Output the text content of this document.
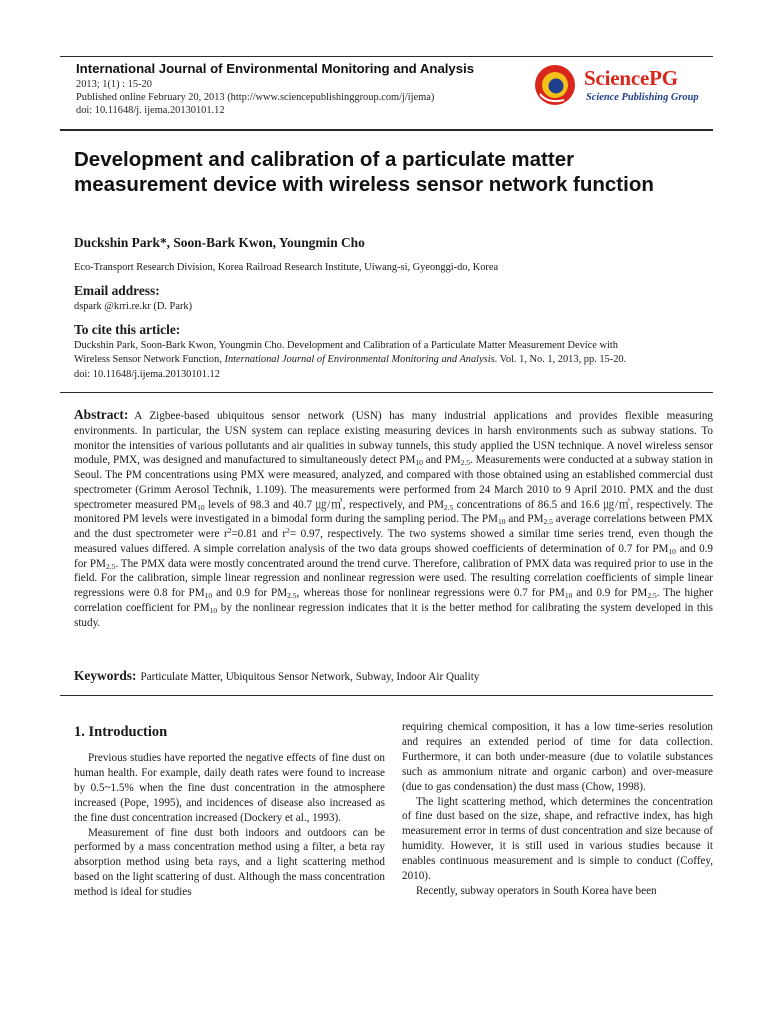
International Journal of Environmental Monitoring and Analysis
2013; 1(1) : 15-20
Published online February 20, 2013 (http://www.sciencepublishinggroup.com/j/ijema)
doi: 10.11648/j. ijema.20130101.12
SciencePG
Science Publishing Group
Development and calibration of a particulate matter measurement device with wireless sensor network function
Duckshin Park*, Soon-Bark Kwon, Youngmin Cho
Eco-Transport Research Division, Korea Railroad Research Institute, Uiwang-si, Gyeonggi-do, Korea
Email address:
dspark @krri.re.kr (D. Park)
To cite this article:
Duckshin Park, Soon-Bark Kwon, Youngmin Cho. Development and Calibration of a Particulate Matter Measurement Device with
Wireless Sensor Network Function, International Journal of Environmental Monitoring and Analysis. Vol. 1, No. 1, 2013, pp. 15-20.
doi: 10.11648/j.ijema.20130101.12
Abstract: A Zigbee-based ubiquitous sensor network (USN) has many industrial applications and provides flexible measuring environments. In particular, the USN system can replace existing measuring devices in harsh environments such as subway stations. To monitor the intensities of various pollutants and air qualities in subway tunnels, this study applied the USN technique. A novel wireless sensor module, PMX, was designed and manufactured to simultaneously detect $PM_{10}$ and $PM_{2.5}$. Measurements were conducted at a subway station in Seoul. The PM concentrations using PMX were measured, analyzed, and compared with those obtained using an established commercial dust spectrometer (Grimm Aerosol Technik, 1.109). The measurements were performed from 24 March 2010 to 9 April 2010. PMX and the dust spectrometer measured $PM_{10}$ levels of 98.3 and 40.7 ㎍/㎥, respectively, and $PM_{2.5}$ concentrations of 86.5 and 16.6 ㎍/㎥, respectively. The monitored PM levels were investigated in a bimodal form during the sampling period. The $PM_{10}$ and $PM_{2.5}$ average correlations between PMX and the dust spectrometer were $r^2=0.81$ and $r^2= 0.97$, respectively. The two systems showed a similar time series trend, even though the measured values differed. A simple correlation analysis of the two data groups showed coefficients of determination of 0.7 for $PM_{10}$ and 0.9 for $PM_{2.5}$. The PMX data were mostly concentrated around the trend curve. Therefore, calibration of PMX data was required prior to use in the field. For the calibration, simple linear regression and nonlinear regression were used. The resulting correlation coefficients of simple linear regressions were 0.8 for $PM_{10}$ and 0.9 for $PM_{2.5}$, whereas those for nonlinear regressions were 0.7 for $PM_{10}$ and 0.9 for $PM_{2.5}$. The higher correlation coefficient for $PM_{10}$ by the nonlinear regression indicates that it is the better method for calibrating the system developed in this study.
Keywords: Particulate Matter, Ubiquitous Sensor Network, Subway, Indoor Air Quality
1. Introduction

Previous studies have reported the negative effects of fine dust on human health. For example, daily death rates were found to increase by 0.5~1.5% when the fine dust concentration in the atmosphere increased (Pope, 1995), and incidences of disease also increased as the fine dust concentration increased (Dockery et al., 1993).

Measurement of fine dust both indoors and outdoors can be performed by a mass concentration method using a filter, a beta ray absorption method using beta rays, and a light scattering method based on the light scattering of dust. Although the mass concentration method is ideal for studies

requiring chemical composition, it has a low time-series resolution and requires an extended period of time for data collection. Furthermore, it can both under-measure (due to volatile substances such as ammonium nitrate and organic carbon) and over-measure (due to gas condensation) the dust mass (Chow, 1998).

The light scattering method, which determines the concentration of fine dust based on the size, shape, and refractive index, has high measurement error in terms of dust concentration and size because of humidity. However, it is still used in various studies because it enables continuous measurement and is simple to conduct (Coffey, 2010).

Recently, subway operators in South Korea have been
